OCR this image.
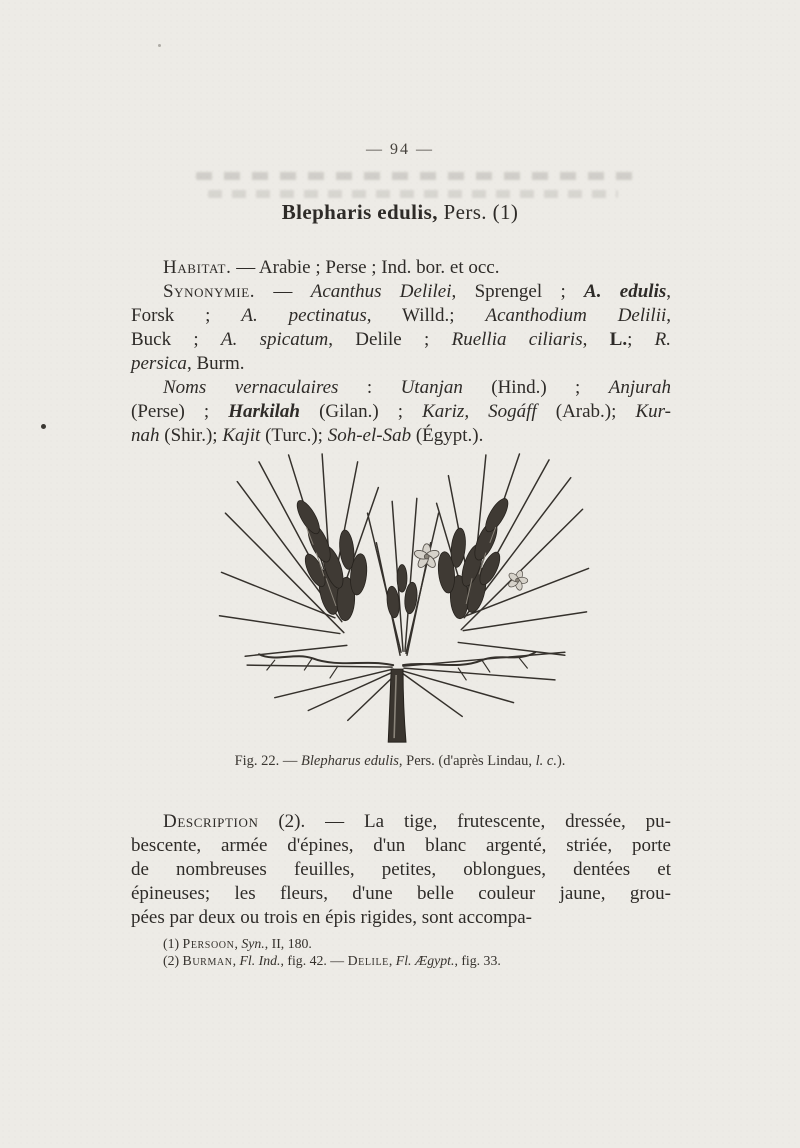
— 94 —
Blepharis edulis, Pers. (1)
Habitat. — Arabie ; Perse ; Ind. bor. et occ.
Synonymie. — Acanthus Delilei, Sprengel ; A. edulis,
Forsk ; A. pectinatus, Willd.; Acanthodium Delilii,
Buck ; A. spicatum, Delile ; Ruellia ciliaris, L.; R.
persica, Burm.
Noms vernaculaires : Utanjan (Hind.) ; Anjurah
(Perse) ; Harkilah (Gilan.) ; Kariz, Sogáff (Arab.); Kur-
nah (Shir.); Kajit (Turc.); Soh-el-Sab (Égypt.).
Fig. 22. — Blepharus edulis, Pers. (d'après Lindau, l. c.).
Description (2). — La tige, frutescente, dressée, pu-
bescente, armée d'épines, d'un blanc argenté, striée, porte
de nombreuses feuilles, petites, oblongues, dentées et
épineuses; les fleurs, d'une belle couleur jaune, grou-
pées par deux ou trois en épis rigides, sont accompa-
(1) Persoon, Syn., II, 180.
(2) Burman, Fl. Ind., fig. 42. — Delile, Fl. Ægypt., fig. 33.
